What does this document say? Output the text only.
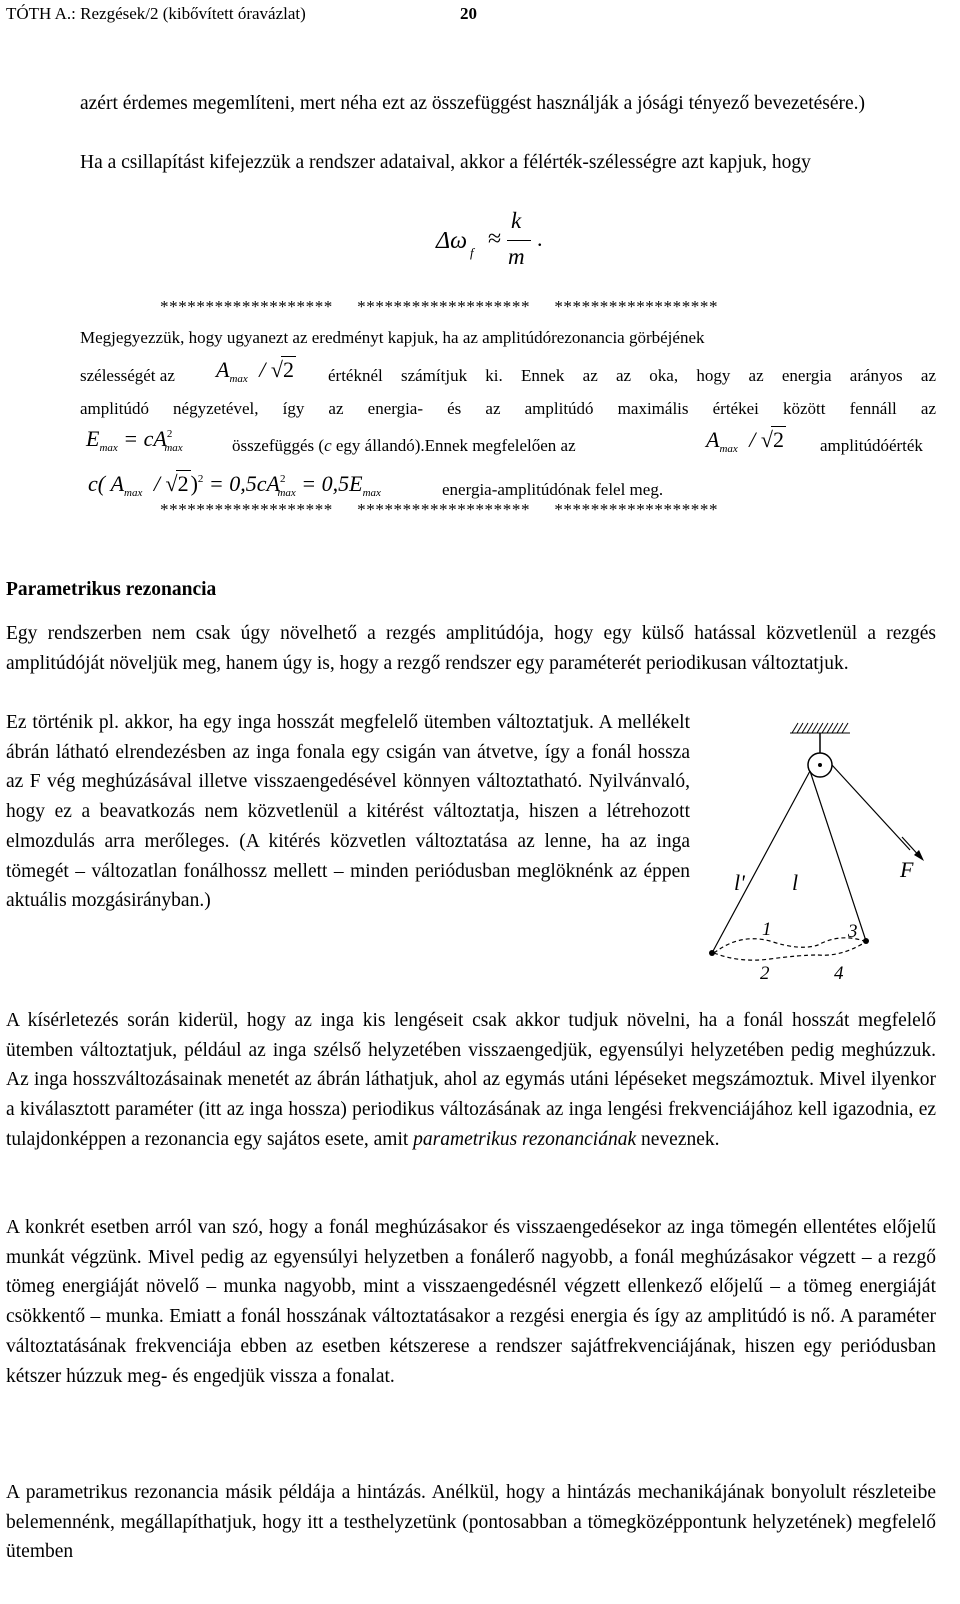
TÓTH A.: Rezgések/2 (kibővített óravázlat)	20
azért érdemes megemlíteni, mert néha ezt az összefüggést használják a jósági tényező bevezetésére.)
Ha a csillapítást kifejezzük a rendszer adataival, akkor a félérték-szélességre azt kapjuk, hogy
Δω f
≈
k
m
.
******************* ******************* ******************
Megjegyezzük, hogy ugyanezt az eredményt kapjuk, ha az amplitúdórezonancia görbéjének
szélességét az $A_{max} / √2$ értéknél számítjuk ki. Ennek az az oka, hogy az energia arányos az
amplitúdó négyzetével, így az energia- és az amplitúdó maximális értékei között fennáll az
$E_{max} = cA^2_{max}$	összefüggés (c egy állandó).Ennek megfelelően az	$A_{max} / √2$ amplitúdóérték
c( $A_{max} / √2)^2 = 0,5cA^2_{max} = 0,5E_{max}$	energia-amplitúdónak felel meg.
******************* ******************* ******************
Parametrikus rezonancia
Egy rendszerben nem csak úgy növelhető a rezgés amplitúdója, hogy egy külső hatással közvetlenül a rezgés amplitúdóját növeljük meg, hanem úgy is, hogy a rezgő rendszer egy paraméterét periodikusan változtatjuk.
Ez történik pl. akkor, ha egy inga hosszát megfelelő ütemben változtatjuk. A mellékelt ábrán látható elrendezésben az inga fonala egy csigán van átvetve, így a fonál hossza az F vég meghúzásával illetve visszaengedésével könnyen változtatható. Nyilvánvaló, hogy ez a beavatkozás nem közvetlenül a kitérést változtatja, hiszen a létrehozott elmozdulás arra merőleges. (A kitérés közvetlen változtatása az lenne, ha az inga tömegét – változatlan fonálhossz mellett – minden periódusban meglöknénk az éppen aktuális mozgásirányban.)
l' l
F
1	3
2	4
A kísérletezés során kiderül, hogy az inga kis lengéseit csak akkor tudjuk növelni, ha a fonál hosszát megfelelő ütemben változtatjuk, például az inga szélső helyzetében visszaengedjük, egyensúlyi helyzetében pedig meghúzzuk. Az inga hosszváltozásainak menetét az ábrán láthatjuk, ahol az egymás utáni lépéseket megszámoztuk. Mivel ilyenkor a kiválasztott paraméter (itt az inga hossza) periodikus változásának az inga lengési frekvenciájához kell igazodnia, ez tulajdonképpen a rezonancia egy sajátos esete, amit parametrikus rezonanciának neveznek.
A konkrét esetben arról van szó, hogy a fonál meghúzásakor és visszaengedésekor az inga tömegén ellentétes előjelű munkát végzünk. Mivel pedig az egyensúlyi helyzetben a fonálerő nagyobb, a fonál meghúzásakor végzett – a rezgő tömeg energiáját növelő – munka nagyobb, mint a visszaengedésnél végzett ellenkező előjelű – a tömeg energiáját csökkentő – munka. Emiatt a fonál hosszának változtatásakor a rezgési energia és így az amplitúdó is nő. A paraméter változtatásának frekvenciája ebben az esetben kétszerese a rendszer sajátfrekvenciájának, hiszen egy periódusban kétszer húzzuk meg- és engedjük vissza a fonalat.
A parametrikus rezonancia másik példája a hintázás. Anélkül, hogy a hintázás mechanikájának bonyolult részleteibe belemennénk, megállapíthatjuk, hogy itt a testhelyzetünk (pontosabban a tömegközéppontunk helyzetének) megfelelő ütemben
